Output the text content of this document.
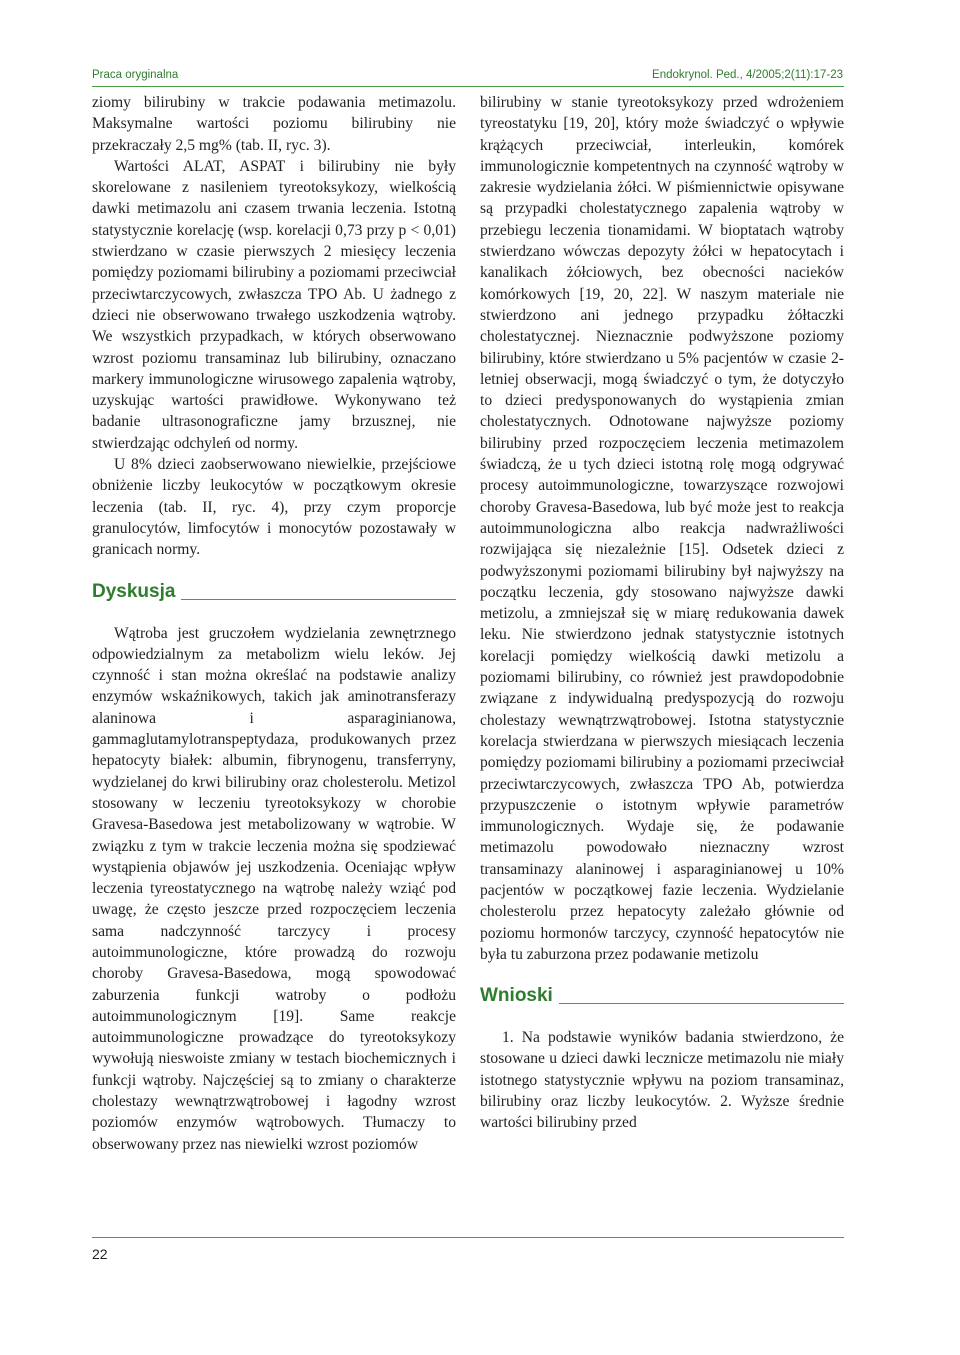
Praca oryginalna	Endokrynol. Ped., 4/2005;2(11):17-23

ziomy bilirubiny w trakcie podawania metimazolu. Maksymalne wartości poziomu bilirubiny nie przekraczały 2,5 mg% (tab. II, ryc. 3).

Wartości ALAT, ASPAT i bilirubiny nie były skorelowane z nasileniem tyreotoksykozy, wielkością dawki metimazolu ani czasem trwania leczenia. Istotną statystycznie korelację (wsp. korelacji 0,73 przy p < 0,01) stwierdzano w czasie pierwszych 2 miesięcy leczenia pomiędzy poziomami bilirubiny a poziomami przeciwciał przeciwtarczycowych, zwłaszcza TPO Ab. U żadnego z dzieci nie obserwowano trwałego uszkodzenia wątroby. We wszystkich przypadkach, w których obserwowano wzrost poziomu transaminaz lub bilirubiny, oznaczano markery immunologiczne wirusowego zapalenia wątroby, uzyskując wartości prawidłowe. Wykonywano też badanie ultrasonograficzne jamy brzusznej, nie stwierdzając odchyleń od normy.

U 8% dzieci zaobserwowano niewielkie, przejściowe obniżenie liczby leukocytów w początkowym okresie leczenia (tab. II, ryc. 4), przy czym proporcje granulocytów, limfocytów i monocytów pozostawały w granicach normy.

Dyskusja

Wątroba jest gruczołem wydzielania zewnętrznego odpowiedzialnym za metabolizm wielu leków. Jej czynność i stan można określać na podstawie analizy enzymów wskaźnikowych, takich jak aminotransferazy alaninowa i asparaginianowa, gammaglutamylotranspeptydaza, produkowanych przez hepatocyty białek: albumin, fibrynogenu, transferryny, wydzielanej do krwi bilirubiny oraz cholesterolu. Metizol stosowany w leczeniu tyreotoksykozy w chorobie Gravesa-Basedowa jest metabolizowany w wątrobie. W związku z tym w trakcie leczenia można się spodziewać wystąpienia objawów jej uszkodzenia. Oceniając wpływ leczenia tyreostatycznego na wątrobę należy wziąć pod uwagę, że często jeszcze przed rozpoczęciem leczenia sama nadczynność tarczycy i procesy autoimmunologiczne, które prowadzą do rozwoju choroby Gravesa-Basedowa, mogą spowodować zaburzenia funkcji watroby o podłożu autoimmunologicznym [19]. Same reakcje autoimmunologiczne prowadzące do tyreotoksykozy wywołują nieswoiste zmiany w testach biochemicznych i funkcji wątroby. Najczęściej są to zmiany o charakterze cholestazy wewnątrzwątrobowej i łagodny wzrost poziomów enzymów wątrobowych. Tłumaczy to obserwowany przez nas niewielki wzrost poziomów

bilirubiny w stanie tyreotoksykozy przed wdrożeniem tyreostatyku [19, 20], który może świadczyć o wpływie krążących przeciwciał, interleukin, komórek immunologicznie kompetentnych na czynność wątroby w zakresie wydzielania żółci. W piśmiennictwie opisywane są przypadki cholestatycznego zapalenia wątroby w przebiegu leczenia tionamidami. W bioptatach wątroby stwierdzano wówczas depozyty żółci w hepatocytach i kanalikach żółciowych, bez obecności nacieków komórkowych [19, 20, 22]. W naszym materiale nie stwierdzono ani jednego przypadku żółtaczki cholestatycznej. Nieznacznie podwyższone poziomy bilirubiny, które stwierdzano u 5% pacjentów w czasie 2-letniej obserwacji, mogą świadczyć o tym, że dotyczyło to dzieci predysponowanych do wystąpienia zmian cholestatycznych. Odnotowane najwyższe poziomy bilirubiny przed rozpoczęciem leczenia metimazolem świadczą, że u tych dzieci istotną rolę mogą odgrywać procesy autoimmunologiczne, towarzyszące rozwojowi choroby Gravesa-Basedowa, lub być może jest to reakcja autoimmunologiczna albo reakcja nadwrażliwości rozwijająca się niezależnie [15]. Odsetek dzieci z podwyższonymi poziomami bilirubiny był najwyższy na początku leczenia, gdy stosowano najwyższe dawki metizolu, a zmniejszał się w miarę redukowania dawek leku. Nie stwierdzono jednak statystycznie istotnych korelacji pomiędzy wielkością dawki metizolu a poziomami bilirubiny, co również jest prawdopodobnie związane z indywidualną predyspozycją do rozwoju cholestazy wewnątrzwątrobowej. Istotna statystycznie korelacja stwierdzana w pierwszych miesiącach leczenia pomiędzy poziomami bilirubiny a poziomami przeciwciał przeciwtarczycowych, zwłaszcza TPO Ab, potwierdza przypuszczenie o istotnym wpływie parametrów immunologicznych. Wydaje się, że podawanie metimazolu powodowało nieznaczny wzrost transaminazy alaninowej i asparaginianowej u 10% pacjentów w początkowej fazie leczenia. Wydzielanie cholesterolu przez hepatocyty zależało głównie od poziomu hormonów tarczycy, czynność hepatocytów nie była tu zaburzona przez podawanie metizolu

Wnioski

1. Na podstawie wyników badania stwierdzono, że stosowane u dzieci dawki lecznicze metimazolu nie miały istotnego statystycznie wpływu na poziom transaminaz, bilirubiny oraz liczby leukocytów. 2. Wyższe średnie wartości bilirubiny przed

22
